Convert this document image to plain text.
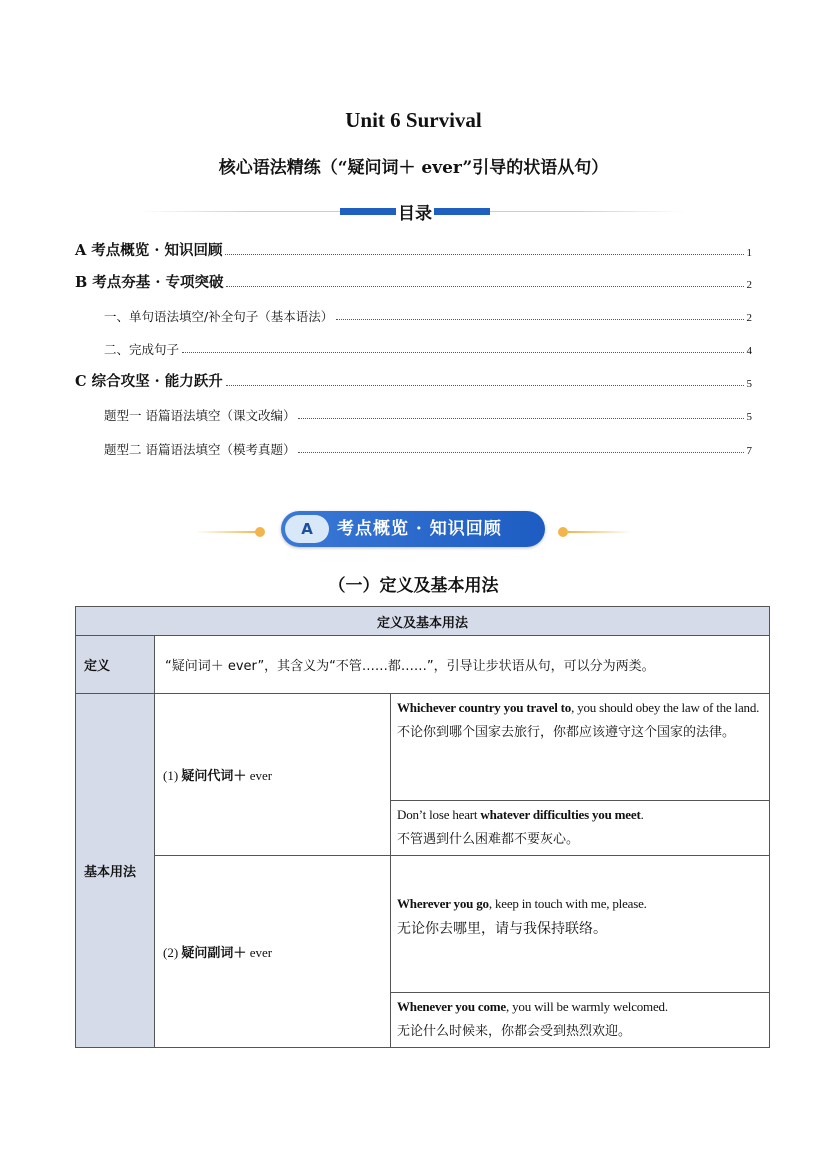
Unit 6 Survival
核心语法精练（“疑问词＋ ever”引导的状语从句）
目录
A 考点概览 · 知识回顾	1
B 考点夯基 · 专项突破	2
一、单句语法填空/补全句子（基本语法）	2
二、完成句子	4
C 综合攻坚 · 能力跃升	5
题型一 语篇语法填空（课文改编）	5
题型二 语篇语法填空（模考真题）	7
A	考点概览 · 知识回顾
（一）定义及基本用法
定义及基本用法		
定义	“疑问词＋ ever”，其含义为“不管……都……”，引导让步状语从句，可以分为两类。	
基本用法	(1) 疑问代词＋ ever	Whichever country you travel to, you should obey the law of the land.
不论你到哪个国家去旅行，你都应该遵守这个国家的法律。

		Don’t lose heart whatever difficulties you meet.
不管遇到什么困难都不要灰心。

	(2) 疑问副词＋ ever	Wherever you go, keep in touch with me, please.
无论你去哪里，请与我保持联络。

		Whenever you come, you will be warmly welcomed.
无论什么时候来，你都会受到热烈欢迎。
